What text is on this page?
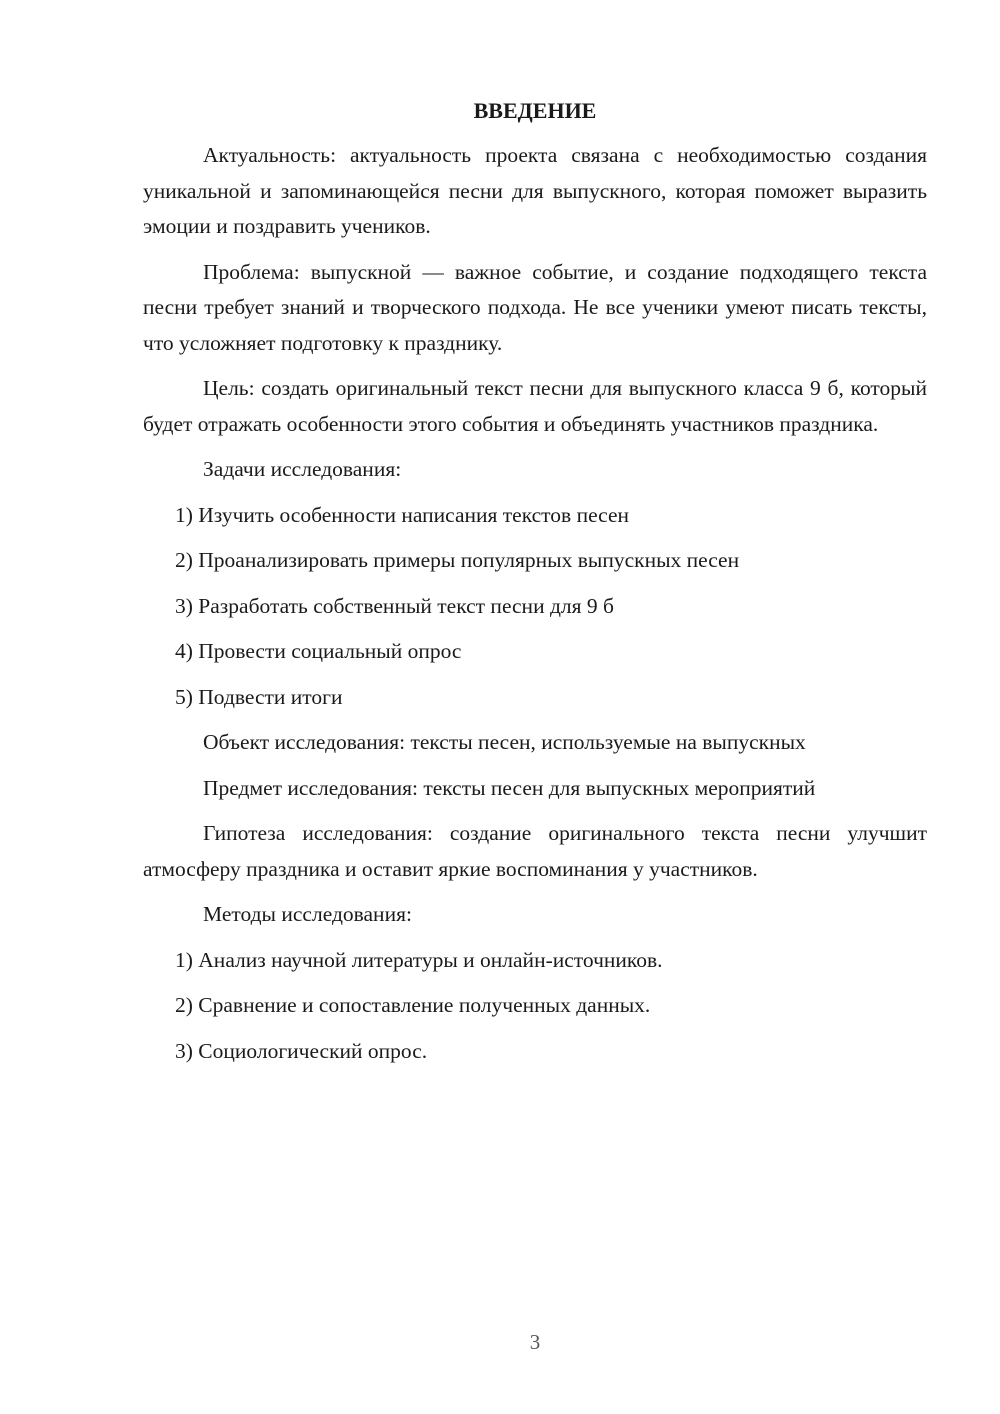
ВВЕДЕНИЕ

Актуальность: актуальность проекта связана с необходимостью создания уникальной и запоминающейся песни для выпускного, которая поможет выразить эмоции и поздравить учеников.

Проблема: выпускной — важное событие, и создание подходящего текста песни требует знаний и творческого подхода. Не все ученики умеют писать тексты, что усложняет подготовку к празднику.

Цель: создать оригинальный текст песни для выпускного класса 9 б, который будет отражать особенности этого события и объединять участников праздника.

Задачи исследования:

1) Изучить особенности написания текстов песен

2) Проанализировать примеры популярных выпускных песен

3) Разработать собственный текст песни для 9 б

4) Провести социальный опрос

5) Подвести итоги

Объект исследования: тексты песен, используемые на выпускных

Предмет исследования: тексты песен для выпускных мероприятий

Гипотеза исследования: создание оригинального текста песни улучшит атмосферу праздника и оставит яркие воспоминания у участников.

Методы исследования:

1) Анализ научной литературы и онлайн-источников.

2) Сравнение и сопоставление полученных данных.

3) Социологический опрос.

3
